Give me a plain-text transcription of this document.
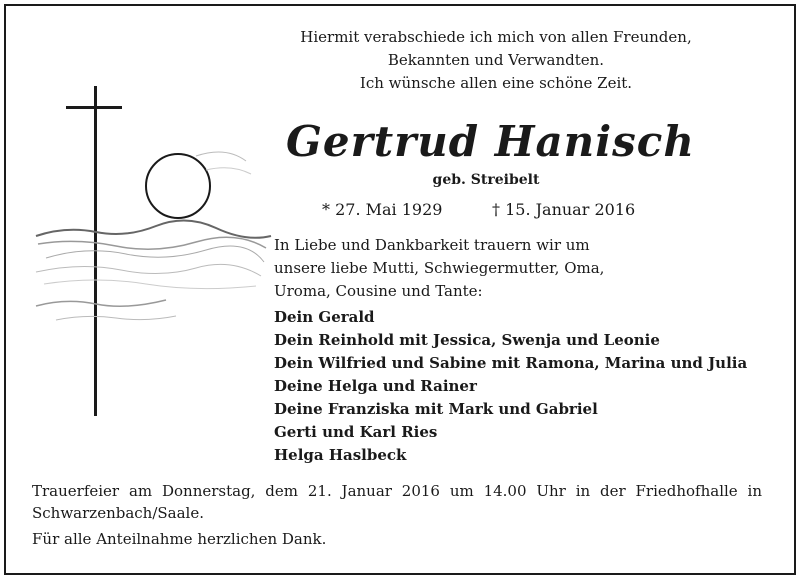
Hiermit verabschiede ich mich von allen Freunden,
Bekannten und Verwandten.
Ich wünsche allen eine schöne Zeit.
Gertrud Hanisch
geb. Streibelt
* 27. Mai 1929	† 15. Januar 2016
In Liebe und Dankbarkeit trauern wir um
unsere liebe Mutti, Schwiegermutter, Oma,
Uroma, Cousine und Tante:
Dein Gerald
Dein Reinhold mit Jessica, Swenja und Leonie
Dein Wilfried und Sabine mit Ramona, Marina und Julia
Deine Helga und Rainer
Deine Franziska mit Mark und Gabriel
Gerti und Karl Ries
Helga Haslbeck
Trauerfeier am Donnerstag, dem 21. Januar 2016 um 14.00 Uhr in der Friedhofhalle in Schwarzenbach/Saale.
Für alle Anteilnahme herzlichen Dank.
